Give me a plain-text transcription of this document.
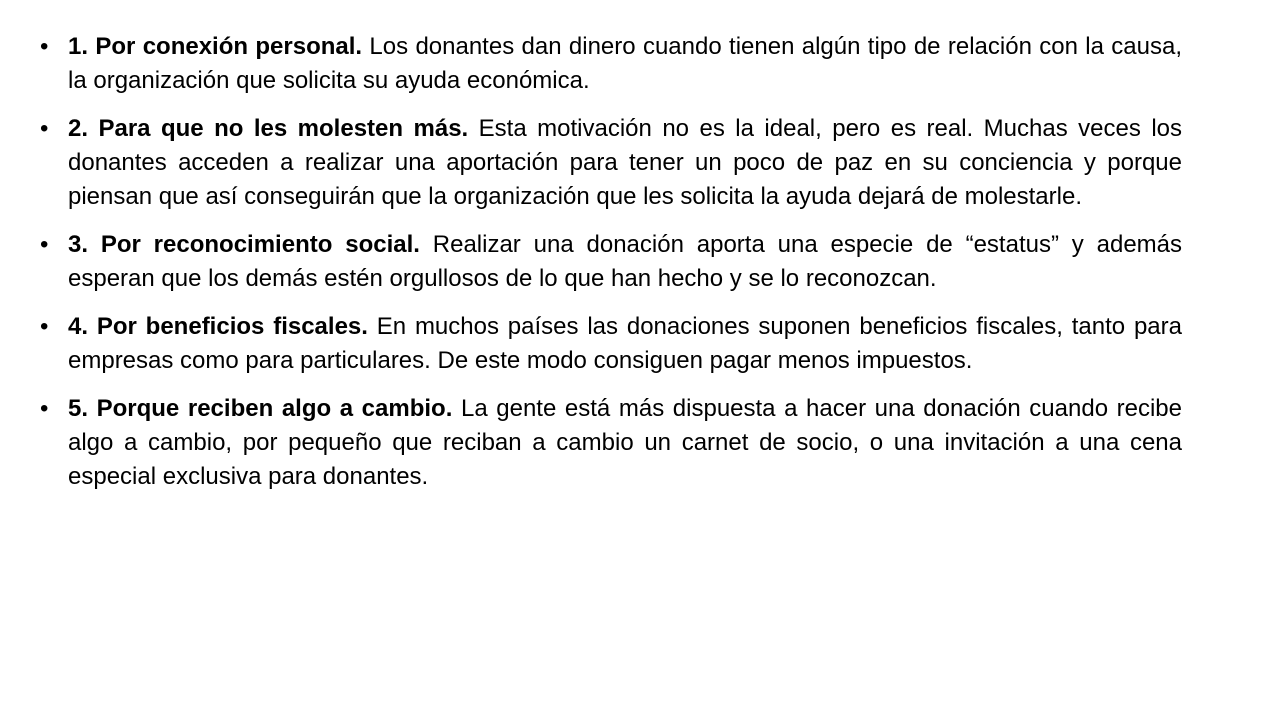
• 1. Por conexión personal. Los donantes dan dinero cuando tienen algún tipo de relación con la causa, la organización que solicita su ayuda económica.
• 2. Para que no les molesten más. Esta motivación no es la ideal, pero es real. Muchas veces los donantes acceden a realizar una aportación para tener un poco de paz en su conciencia y porque piensan que así conseguirán que la organización que les solicita la ayuda dejará de molestarle.
• 3. Por reconocimiento social. Realizar una donación aporta una especie de “estatus” y además esperan que los demás estén orgullosos de lo que han hecho y se lo reconozcan.
• 4. Por beneficios fiscales. En muchos países las donaciones suponen beneficios fiscales, tanto para empresas como para particulares. De este modo consiguen pagar menos impuestos.
• 5. Porque reciben algo a cambio. La gente está más dispuesta a hacer una donación cuando recibe algo a cambio, por pequeño que reciban a cambio un carnet de socio, o una invitación a una cena especial exclusiva para donantes.
